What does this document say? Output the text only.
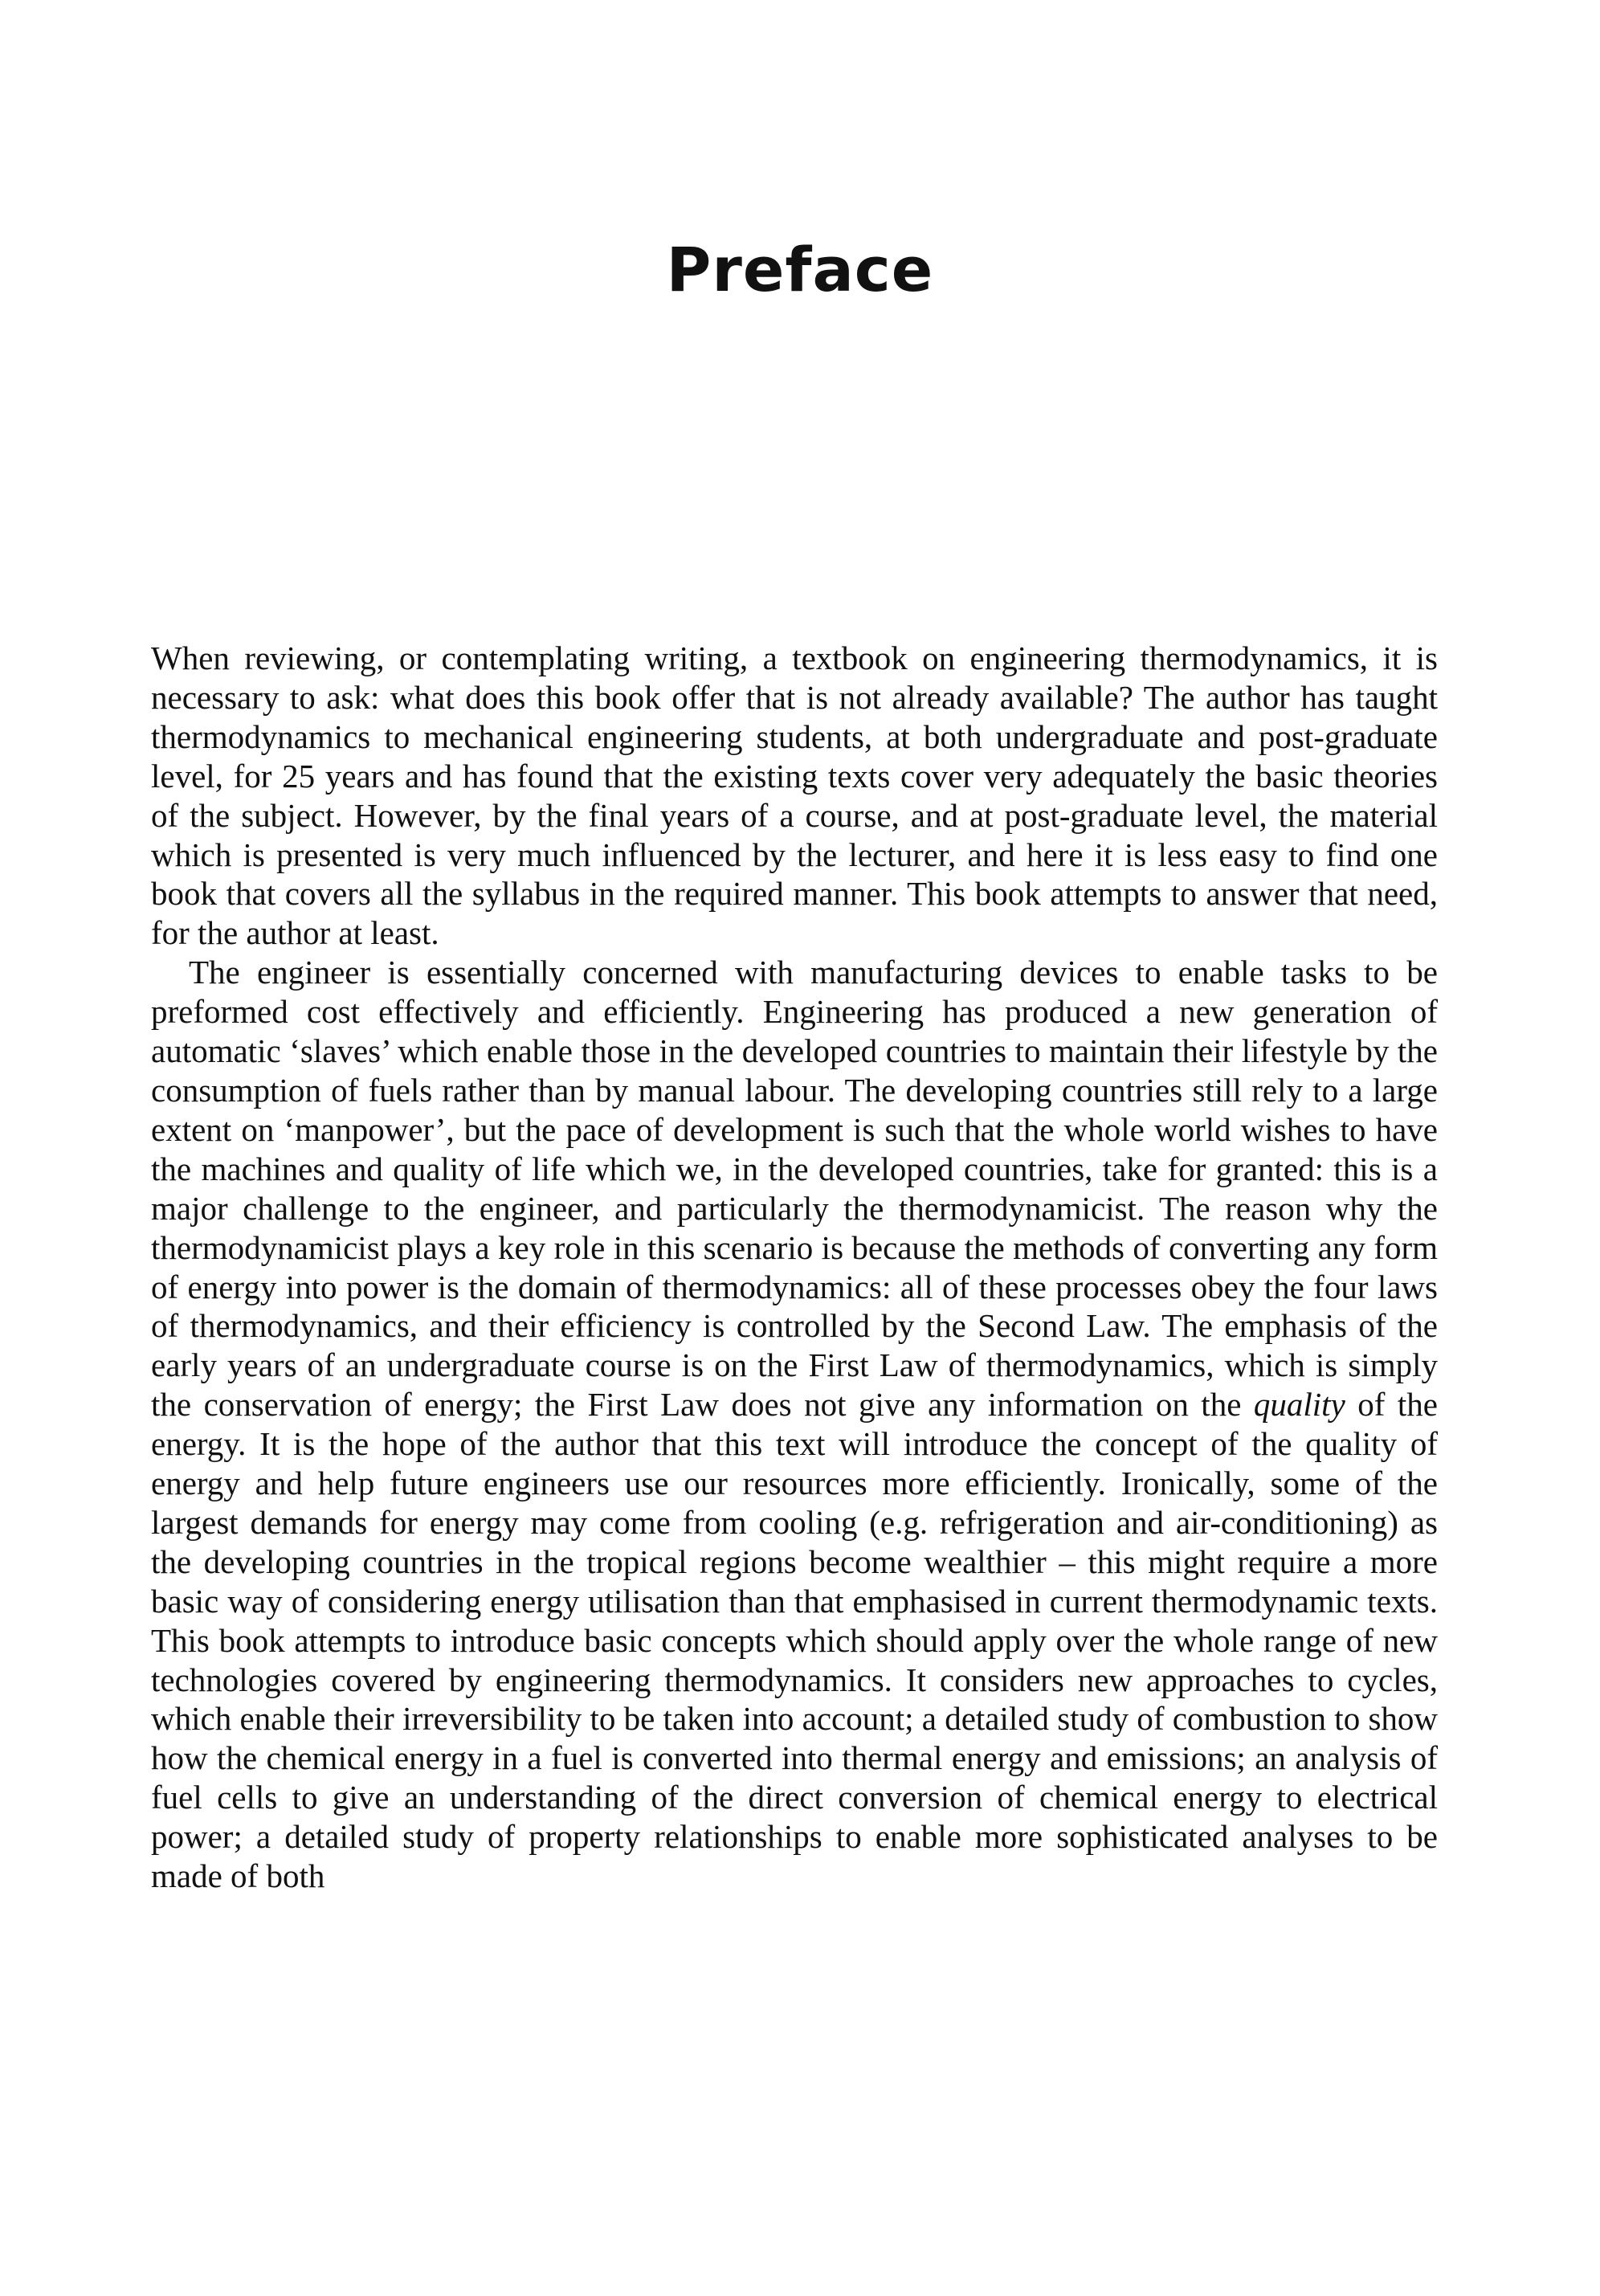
Preface

When reviewing, or contemplating writing, a textbook on engineering thermodynamics, it is necessary to ask: what does this book offer that is not already available? The author has taught thermodynamics to mechanical engineering students, at both undergraduate and post-graduate level, for 25 years and has found that the existing texts cover very adequately the basic theories of the subject. However, by the final years of a course, and at post-graduate level, the material which is presented is very much influenced by the lecturer, and here it is less easy to find one book that covers all the syllabus in the required manner. This book attempts to answer that need, for the author at least.

The engineer is essentially concerned with manufacturing devices to enable tasks to be preformed cost effectively and efficiently. Engineering has produced a new generation of automatic ‘slaves’ which enable those in the developed countries to maintain their lifestyle by the consumption of fuels rather than by manual labour. The developing countries still rely to a large extent on ‘manpower’, but the pace of development is such that the whole world wishes to have the machines and quality of life which we, in the developed countries, take for granted: this is a major challenge to the engineer, and particularly the thermodynamicist. The reason why the thermodynamicist plays a key role in this scenario is because the methods of converting any form of energy into power is the domain of thermodynamics: all of these processes obey the four laws of thermodynamics, and their efficiency is controlled by the Second Law. The emphasis of the early years of an undergraduate course is on the First Law of thermodynamics, which is simply the conservation of energy; the First Law does not give any information on the quality of the energy. It is the hope of the author that this text will introduce the concept of the quality of energy and help future engineers use our resources more efficiently. Ironically, some of the largest demands for energy may come from cooling (e.g. refrigeration and air-conditioning) as the developing countries in the tropical regions become wealthier – this might require a more basic way of considering energy utilisation than that emphasised in current thermodynamic texts. This book attempts to introduce basic concepts which should apply over the whole range of new technologies covered by engineering thermodynamics. It considers new approaches to cycles, which enable their irreversibility to be taken into account; a detailed study of combustion to show how the chemical energy in a fuel is converted into thermal energy and emissions; an analysis of fuel cells to give an understanding of the direct conversion of chemical energy to electrical power; a detailed study of property relationships to enable more sophisticated analyses to be made of both
